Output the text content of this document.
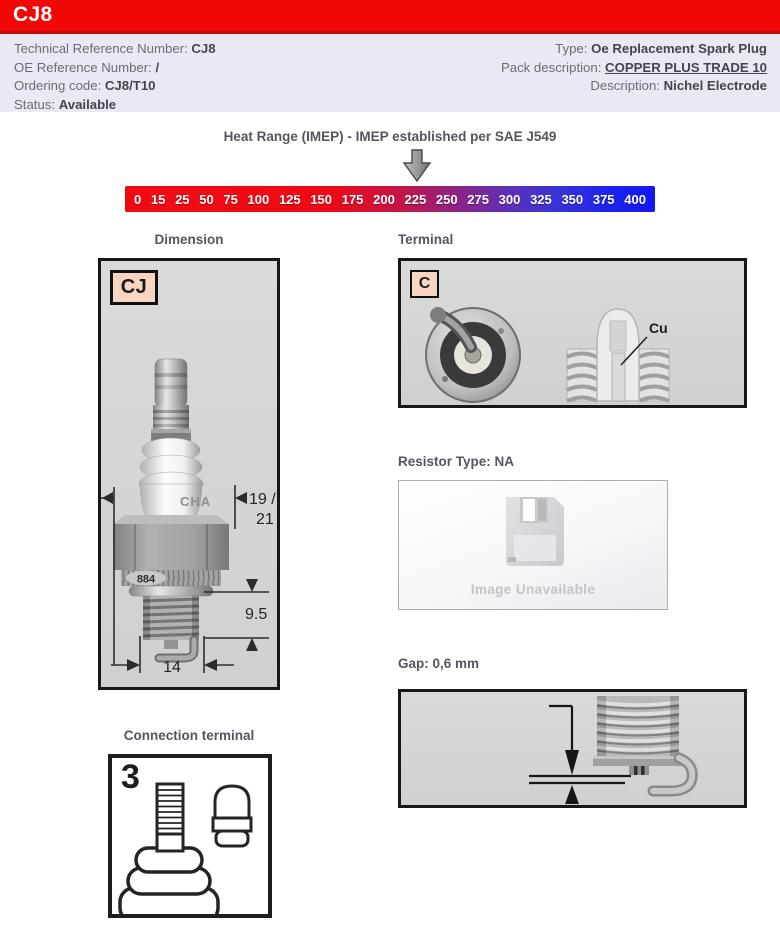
CJ8
Technical Reference Number: CJ8
OE Reference Number: /
Ordering code: CJ8/T10
Status: Available
Type: Oe Replacement Spark Plug
Pack description: COPPER PLUS TRADE 10
Description: Nichel Electrode
Heat Range (IMEP) - IMEP established per SAE J549
0 15 25 50 75 100 125 150 175 200 225 250 275 300 325 350 375 400
Dimension
CJ
CHA
884
19 /
21
9.5
14
Terminal
C
Cu
Resistor Type: NA
Image Unavailable
Gap: 0,6 mm
Connection terminal
3
